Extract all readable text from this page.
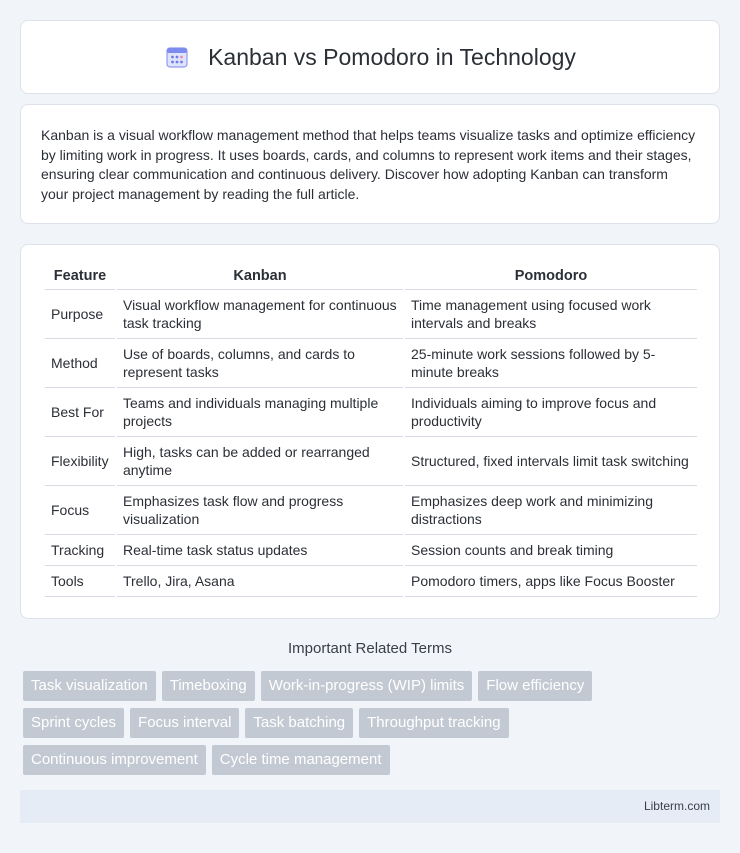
Kanban vs Pomodoro in Technology

Kanban is a visual workflow management method that helps teams visualize tasks and optimize efficiency by limiting work in progress. It uses boards, cards, and columns to represent work items and their stages, ensuring clear communication and continuous delivery. Discover how adopting Kanban can transform your project management by reading the full article.

Feature	Kanban	Pomodoro
Purpose	Visual workflow management for continuous task tracking	Time management using focused work intervals and breaks
Method	Use of boards, columns, and cards to represent tasks	25-minute work sessions followed by 5-minute breaks
Best For	Teams and individuals managing multiple projects	Individuals aiming to improve focus and productivity
Flexibility	High, tasks can be added or rearranged anytime	Structured, fixed intervals limit task switching
Focus	Emphasizes task flow and progress visualization	Emphasizes deep work and minimizing distractions
Tracking	Real-time task status updates	Session counts and break timing
Tools	Trello, Jira, Asana	Pomodoro timers, apps like Focus Booster
Important Related Terms
Task visualization	Timeboxing	Work-in-progress (WIP) limits	Flow efficiency
Sprint cycles	Focus interval	Task batching	Throughput tracking
Continuous improvement	Cycle time management
Libterm.com
